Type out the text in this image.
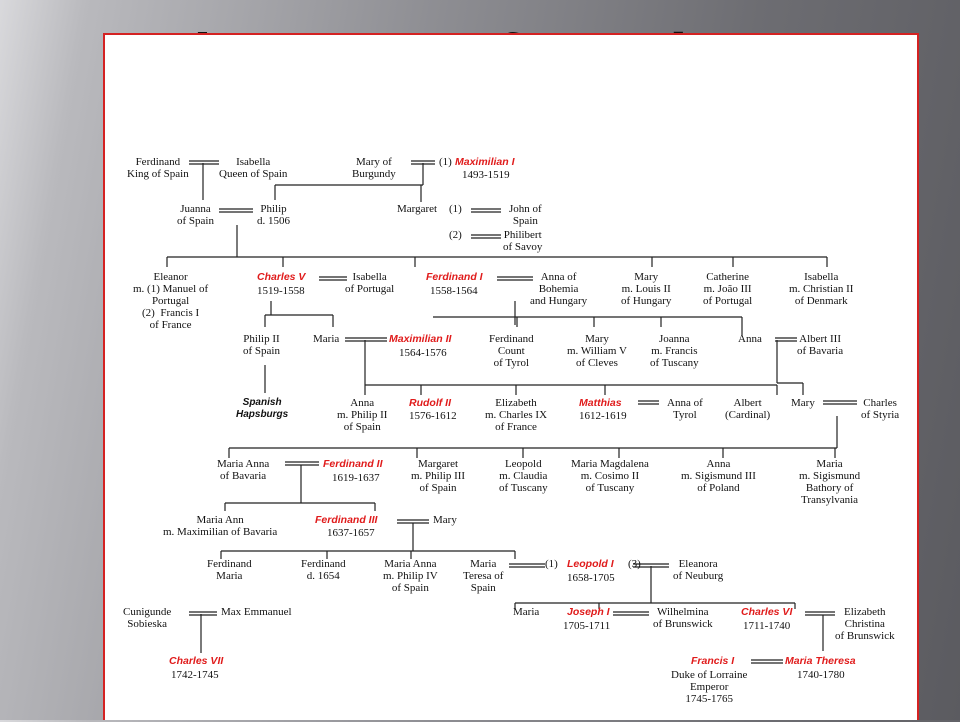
Ferdinand
King of Spain
Isabella
Queen of Spain
Mary of
Burgundy
(1) Maximilian I
1493-1519
Juanna
of Spain
Philip
d. 1506
Margaret (1)
(2)
John of
Spain
Philibert
of Savoy
Eleanor
m. (1) Manuel of
Portugal
(2)  Francis I
of France
Charles V
1519-1558
Isabella
of Portugal
Ferdinand I
1558-1564
Anna of
Bohemia
and Hungary
Mary
m. Louis II
of Hungary
Catherine
m. João III
of Portugal
Isabella
m. Christian II
of Denmark
Philip II
of Spain
Maria	Maximilian II
1564-1576
Ferdinand
Count
of Tyrol
Mary
m. William V
of Cleves
Joanna
m. Francis
of Tuscany
Anna	Albert III
of Bavaria
Spanish
Hapsburgs
Anna
m. Philip II
of Spain
Rudolf II
1576-1612
Elizabeth
m. Charles IX
of France
Matthias
1612-1619
Anna of
Tyrol
Albert
(Cardinal)
Mary	Charles
of Styria
Maria Anna
of Bavaria
Ferdinand II
1619-1637
Margaret
m. Philip III
of Spain
Leopold
m. Claudia
of Tuscany
Maria Magdalena
m. Cosimo II
of Tuscany
Anna
m. Sigismund III
of Poland
Maria
m. Sigismund
Bathory of
Transylvania
Maria Ann
m. Maximilian of Bavaria
Ferdinand III
1637-1657
Mary
Ferdinand
Maria
Ferdinand
d. 1654
Maria Anna
m. Philip IV
of Spain
Maria
Teresa of
Spain
(1) Leopold I
1658-1705
(3)	Eleanora
of Neuburg
Cunigunde
Sobieska
Max Emmanuel	Maria	Joseph I
1705-1711
Wilhelmina
of Brunswick
Charles VI
1711-1740
Elizabeth
Christina
of Brunswick
Charles VII
1742-1745
Francis I
Duke of Lorraine
Emperor
1745-1765
Maria Theresa
1740-1780
